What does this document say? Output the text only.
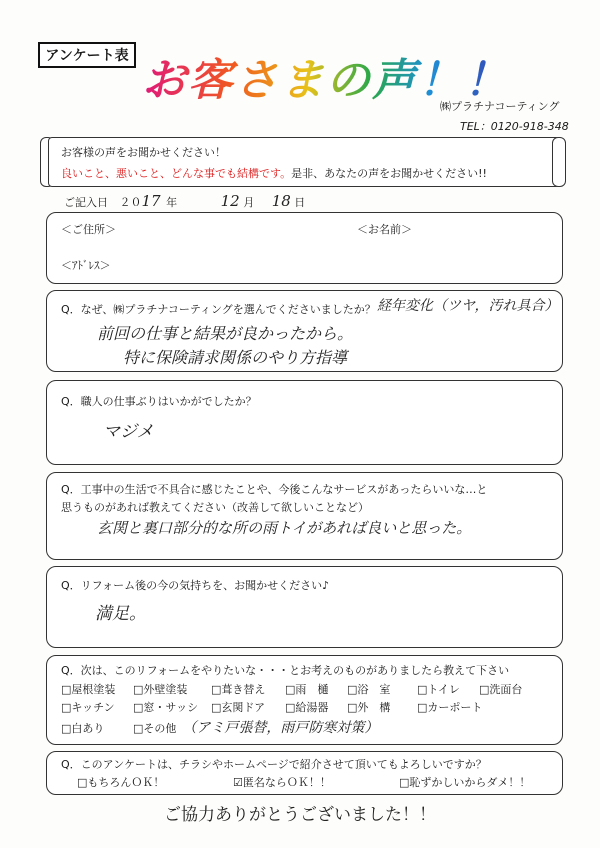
アンケート表 お客さまの声！！
㈱プラチナコーティング
TEL：0120-918-348
お客様の声をお聞かせください！
良いこと、悪いこと、どんな事でも結構です。是非、あなたの声をお聞かせください!!
ご記入日 ２０17 年	12 月 18 日
＜ご住所＞	＜お名前＞
＜ｱﾄﾞﾚｽ＞
Q．なぜ、㈱プラチナコーティングを選んでくださいましたか？ 経年変化（ツヤ，汚れ具合）
前回の仕事と結果が良かったから。
特に保険請求関係のやり方指導
Q．職人の仕事ぶりはいかがでしたか？
マジメ
Q．工事中の生活で不具合に感じたことや、今後こんなサービスがあったらいいな…と
思うものがあれば教えてください（改善して欲しいことなど）
玄関と裏口部分的な所の雨トイがあれば良いと思った。
Q．リフォーム後の今の気持ちを、お聞かせください♪
満足。
Q．次は、このリフォームをやりたいな・・・とお考えのものがありましたら教えて下さい
□屋根塗装 □外壁塗装 □葺き替え □雨　樋 □浴　室 □トイレ □洗面台
□キッチン □窓・サッシ □玄関ドア □給湯器 □外　構 □カーポート
□白あり	□その他 （アミ戸張替，雨戸防寒対策）
Q．このアンケートは、チラシやホームページで紹介させて頂いてもよろしいですか？
□もちろんＯＫ！	☑匿名ならＯＫ！！	□恥ずかしいからダメ！！
ご協力ありがとうございました！！
